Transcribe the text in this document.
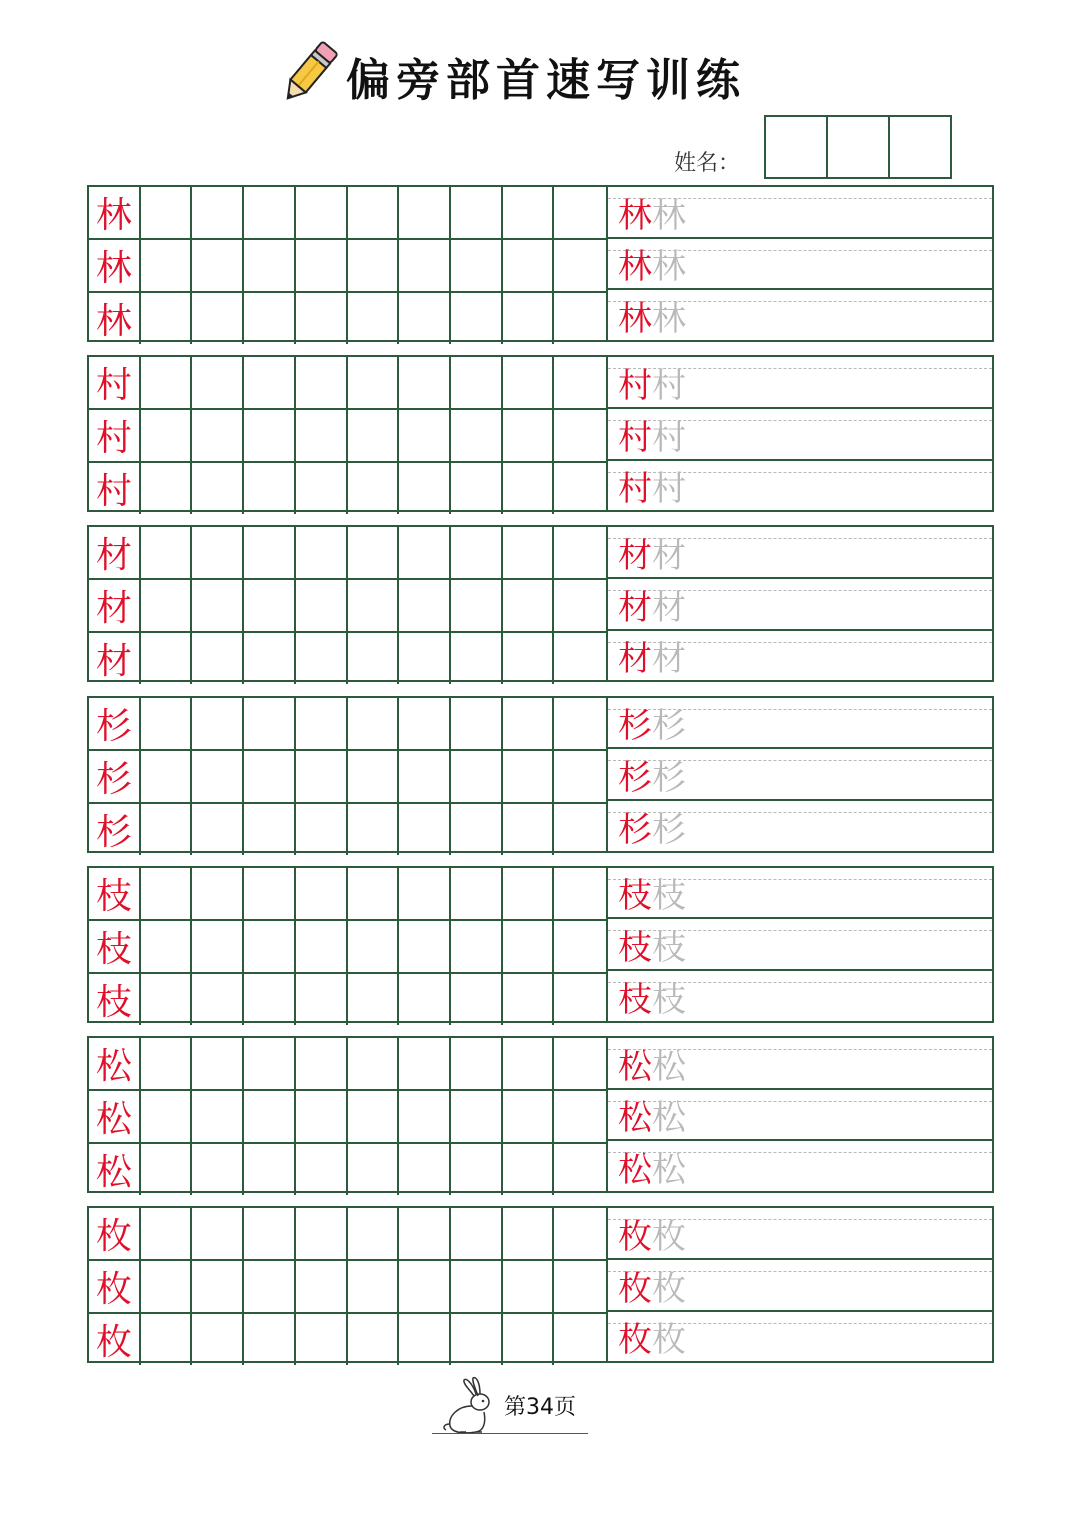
偏旁部首速写训练
姓名：
林
林
林
林 林
林 林
林 林
村
村
村
村 村
村 村
村 村
材
材
材
材 材
材 材
材 材
杉
杉
杉
杉 杉
杉 杉
杉 杉
枝
枝
枝
枝 枝
枝 枝
枝 枝
松
松
松
松 松
松 松
松 松
枚
枚
枚
枚 枚
枚 枚
枚 枚
第34页
